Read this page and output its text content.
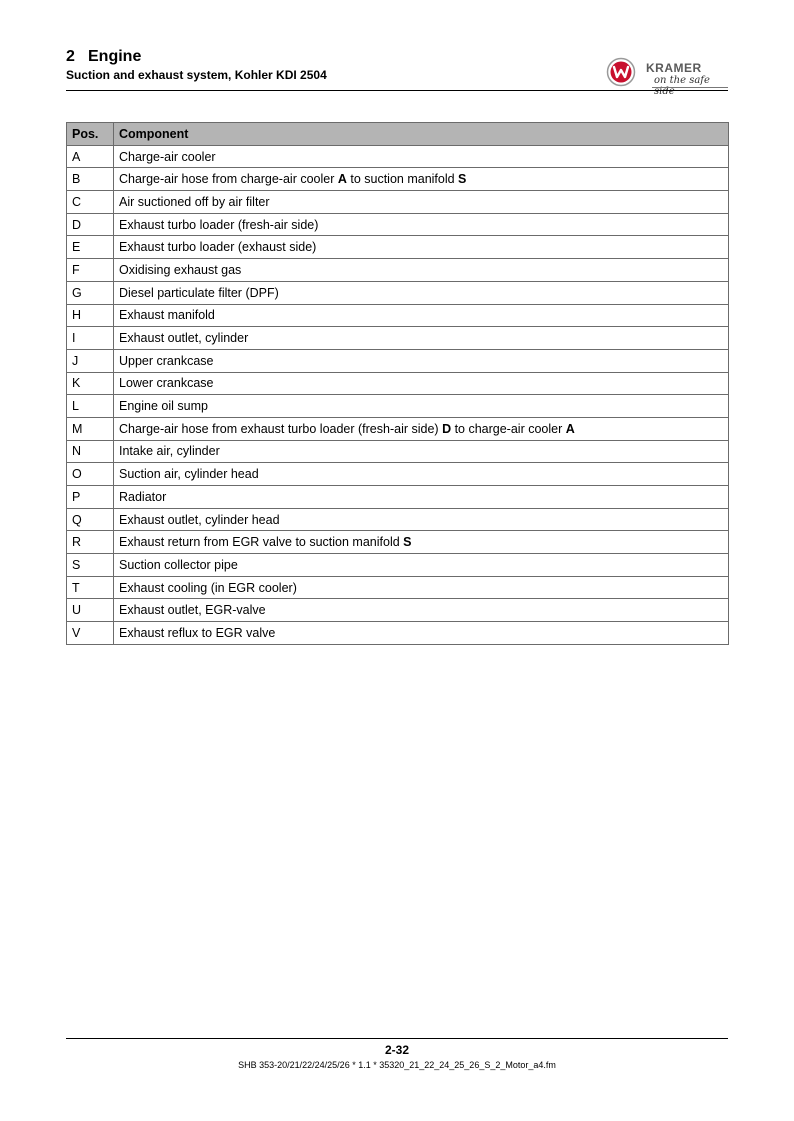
2 Engine
Suction and exhaust system, Kohler KDI 2504	KRAMER
on the safe side
Pos.	Component
A	Charge-air cooler
B	Charge-air hose from charge-air cooler A to suction manifold S
C	Air suctioned off by air filter
D	Exhaust turbo loader (fresh-air side)
E	Exhaust turbo loader (exhaust side)
F	Oxidising exhaust gas
G	Diesel particulate filter (DPF)
H	Exhaust manifold
I	Exhaust outlet, cylinder
J	Upper crankcase
K	Lower crankcase
L	Engine oil sump
M	Charge-air hose from exhaust turbo loader (fresh-air side) D to charge-air cooler A
N	Intake air, cylinder
O	Suction air, cylinder head
P	Radiator
Q	Exhaust outlet, cylinder head
R	Exhaust return from EGR valve to suction manifold S
S	Suction collector pipe
T	Exhaust cooling (in EGR cooler)
U	Exhaust outlet, EGR-valve
V	Exhaust reflux to EGR valve
2-32
SHB 353-20/21/22/24/25/26 * 1.1 * 35320_21_22_24_25_26_S_2_Motor_a4.fm
